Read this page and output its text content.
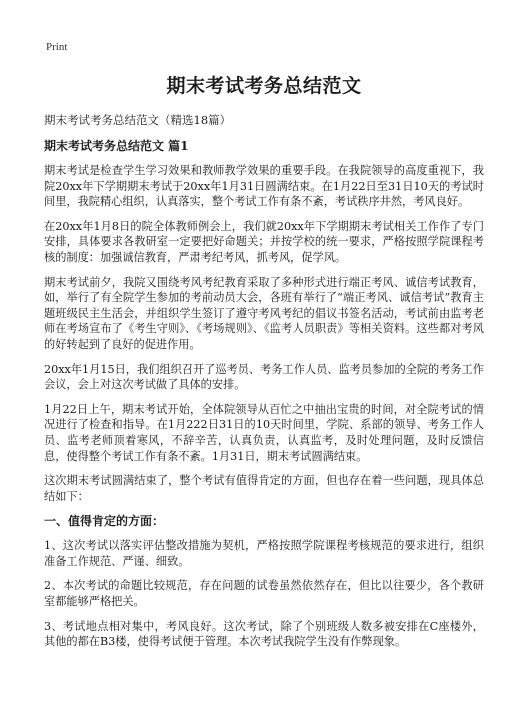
Print
期末考试考务总结范文
期末考试考务总结范文（精选18篇）
期末考试考务总结范文 篇1

期末考试是检查学生学习效果和教师教学效果的重要手段。在我院领导的高度重视下，我院20xx年下学期期末考试于20xx年1月31日圆满结束。在1月22日至31日10天的考试时间里，我院精心组织，认真落实，整个考试工作有条不紊，考试秩序井然，考风良好。

在20xx年1月8日的院全体教师例会上，我们就20xx年下学期期末考试相关工作作了专门安排，具体要求各教研室一定要把好命题关；并按学校的统一要求，严格按照学院课程考核的制度：加强诚信教育，严肃考纪考风，抓考风，促学风。

期末考试前夕，我院又围绕考风考纪教育采取了多种形式进行端正考风、诚信考试教育，如，举行了有全院学生参加的考前动员大会，各班有举行了“端正考风、诚信考试”教育主题班级民主生活会，并组织学生签订了遵守考风考纪的倡议书签名活动，考试前由监考老师在考场宣布了《考生守则》、《考场规则》、《监考人员职责》等相关资料。这些都对考风的好转起到了良好的促进作用。

20xx年1月15日，我们组织召开了巡考员、考务工作人员、监考员参加的全院的考务工作会议，会上对这次考试做了具体的安排。

1月22日上午，期末考试开始，全体院领导从百忙之中抽出宝贵的时间，对全院考试的情况进行了检查和指导。在1月222日31日的10天时间里，学院、系部的领导、考务工作人员、监考老师顶着寒风，不辞辛苦，认真负责，认真监考，及时处理问题，及时反馈信息，使得整个考试工作有条不紊。1月31日，期末考试圆满结束。

这次期末考试圆满结束了，整个考试有值得肯定的方面，但也存在着一些问题，现具体总结如下：

一、值得肯定的方面：

1、这次考试以落实评估整改措施为契机，严格按照学院课程考核规范的要求进行，组织准备工作规范、严谨、细致。

2、本次考试的命题比较规范，存在问题的试卷虽然依然存在，但比以往要少，各个教研室都能够严格把关。

3、考试地点相对集中，考风良好。这次考试，除了个别班级人数多被安排在C座楼外，其他的都在B3楼，使得考试便于管理。本次考试我院学生没有作弊现象。
